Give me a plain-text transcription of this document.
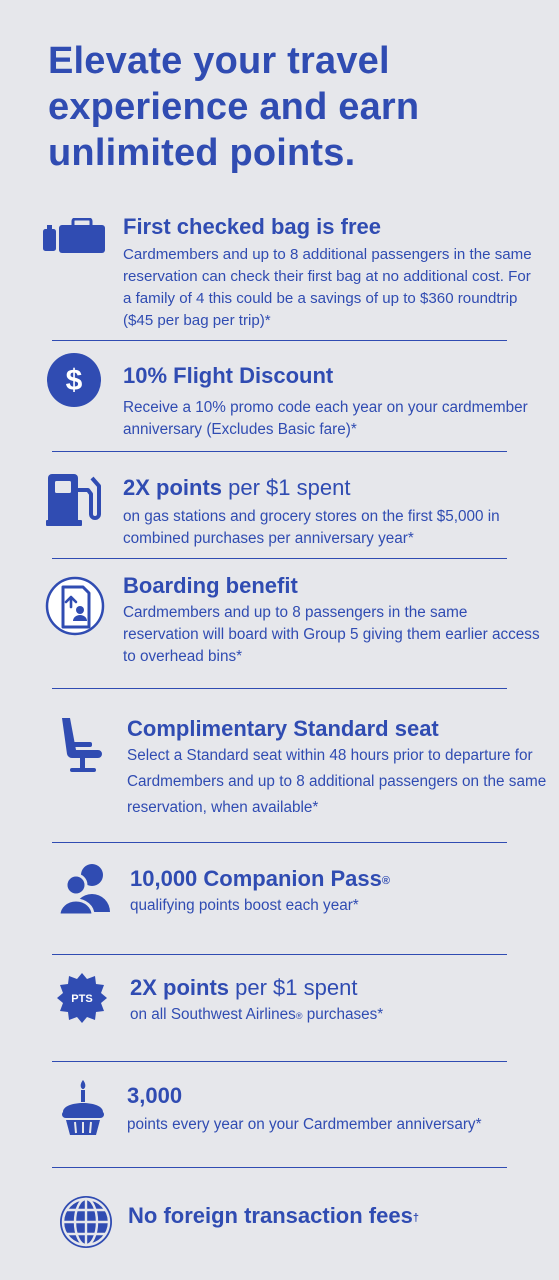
Elevate your travel experience and earn unlimited points.
First checked bag is free
Cardmembers and up to 8 additional passengers in the same reservation can check their first bag at no additional cost. For a family of 4 this could be a savings of up to $360 roundtrip ($45 per bag per trip)*
$ 10% Flight Discount
Receive a 10% promo code each year on your cardmember anniversary (Excludes Basic fare)*
2X points per $1 spent
on gas stations and grocery stores on the first $5,000 in combined purchases per anniversary year*
Boarding benefit
Cardmembers and up to 8 passengers in the same reservation will board with Group 5 giving them earlier access to overhead bins*
Complimentary Standard seat
Select a Standard seat within 48 hours prior to departure for Cardmembers and up to 8 additional passengers on the same reservation, when available*
10,000 Companion Pass®
qualifying points boost each year*
PTS 2X points per $1 spent
on all Southwest Airlines® purchases*
3,000
points every year on your Cardmember anniversary*
No foreign transaction fees†
